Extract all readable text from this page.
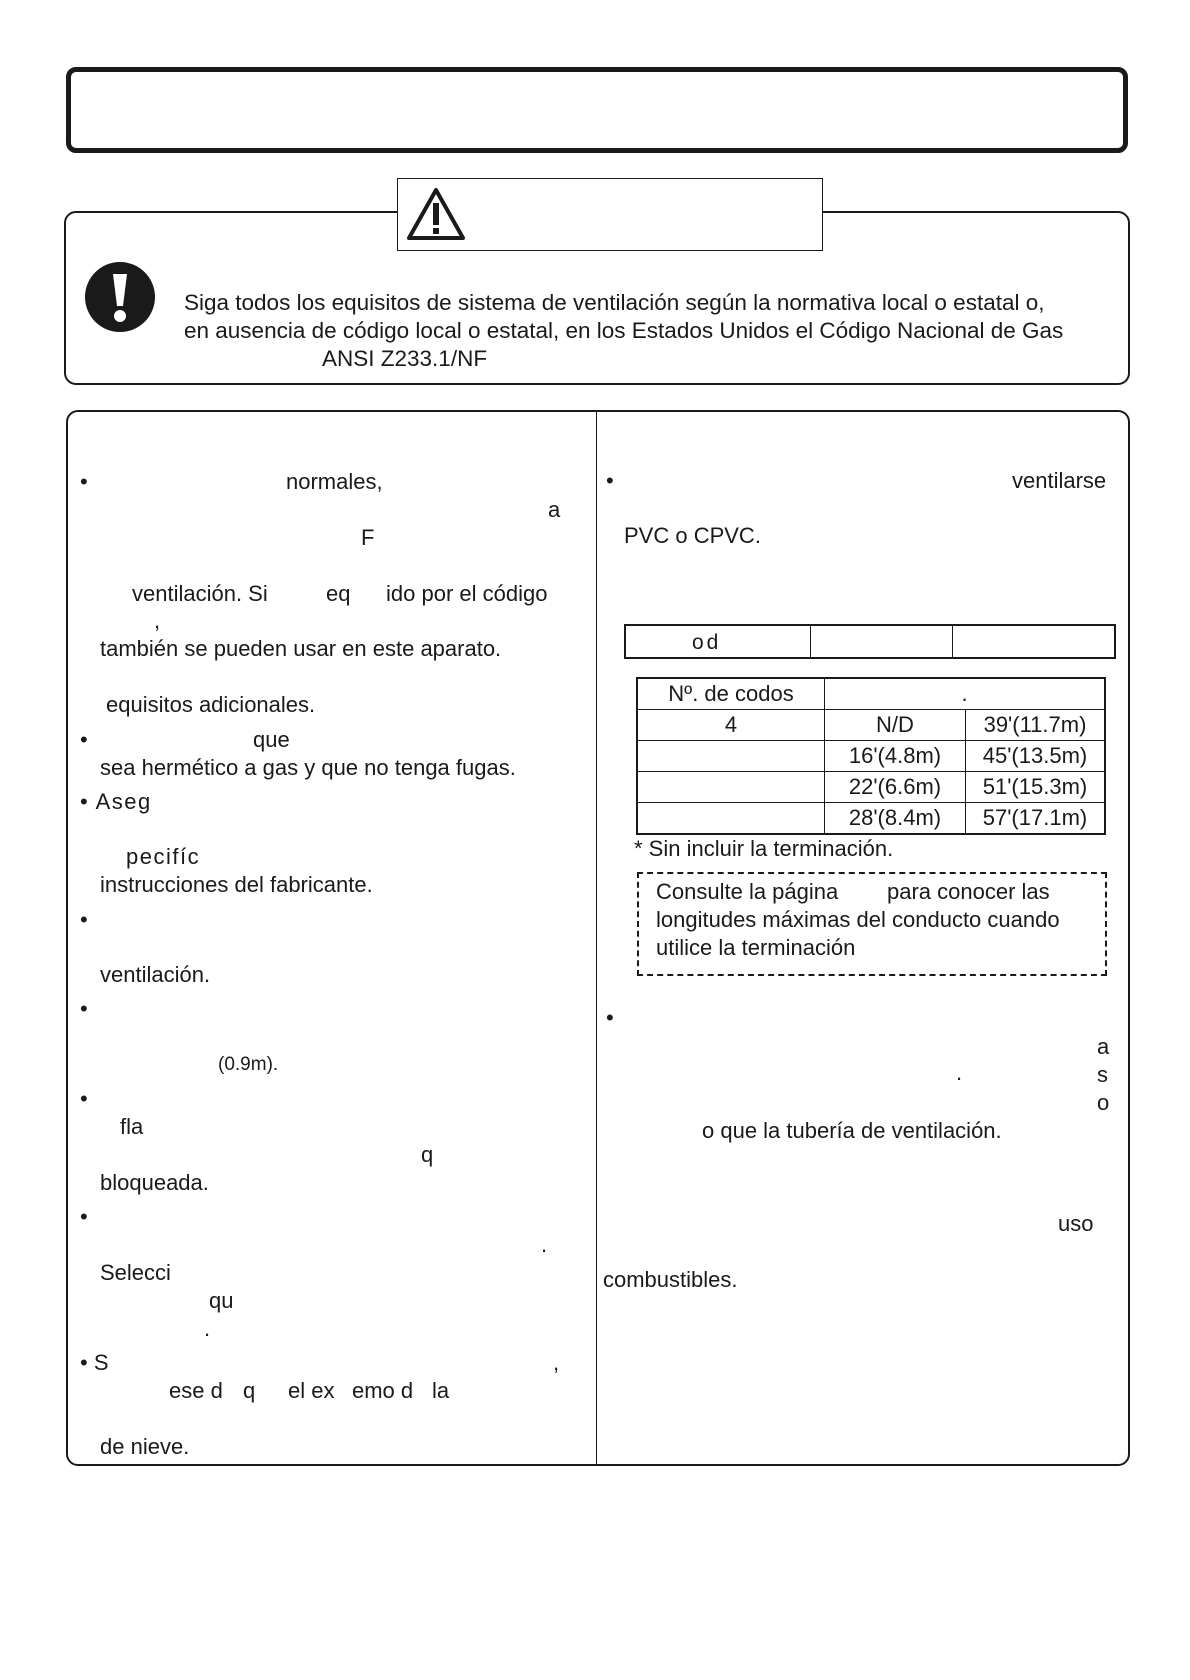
Siga todos los equisitos de sistema de ventilación según la normativa local o estatal o,
en ausencia de código local o estatal, en los Estados Unidos el Código Nacional de Gas
ANSI Z233.1/NF
•	normales,
a
F
ventilación. Si	eq ido por el código
,
también se pueden usar en este aparato.
equisitos adicionales.
•	que
sea hermético a gas y que no tenga fugas.
• Aseg
pecifíc
instrucciones del fabricante.
•
ventilación.
•
(0.9m).
•
fla
q
bloqueada.
•
.
Selecci
qu
.
• S	,
ese d q el ex emo d la
de nieve.
•	ventilarse
PVC o CPVC.
od
Nº. de codos	.	
4	N/D	39'(11.7m)
	16'(4.8m)	45'(13.5m)
	22'(6.6m)	51'(15.3m)
	28'(8.4m)	57'(17.1m)
* Sin incluir la terminación.
Consulte la página para conocer las
longitudes máximas del conducto cuando
utilice la terminación
•
a
.	s
o
o que la tubería de ventilación.
uso
combustibles.
